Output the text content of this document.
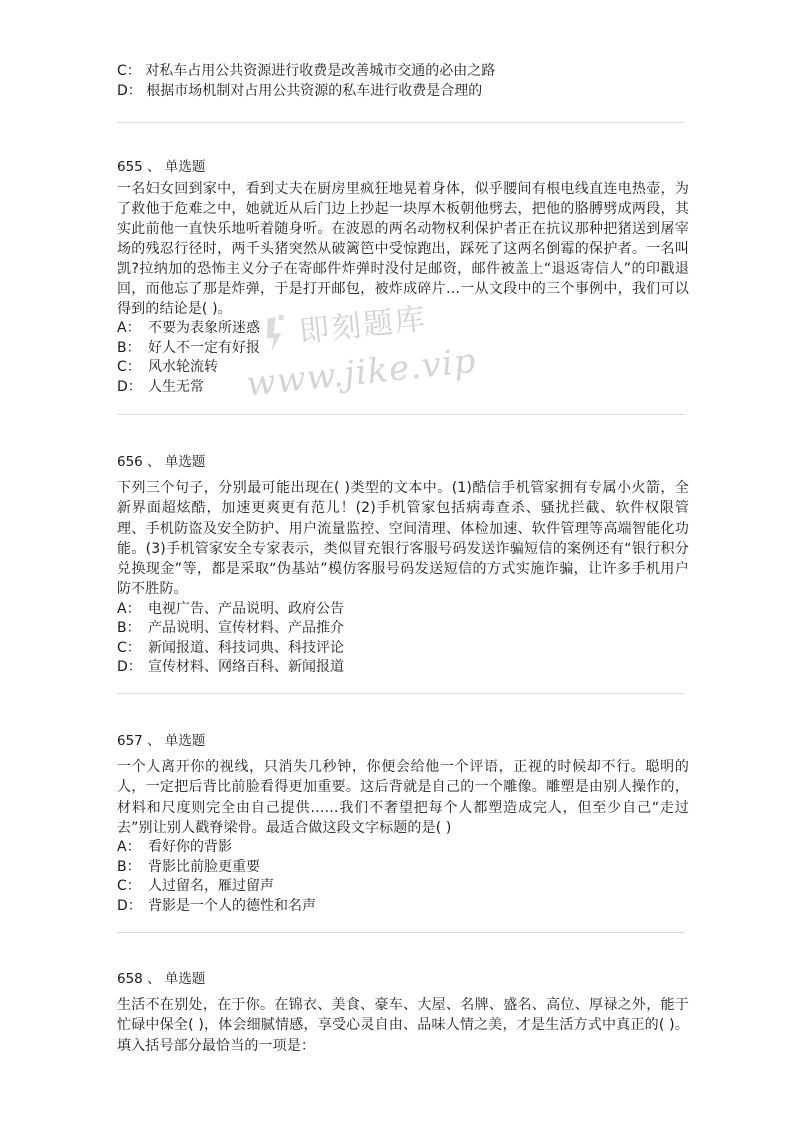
C： 对私车占用公共资源进行收费是改善城市交通的必由之路
D： 根据市场机制对占用公共资源的私车进行收费是合理的
655 、 单选题
一名妇女回到家中，看到丈夫在厨房里疯狂地晃着身体，似乎腰间有根电线直连电热壶，为了救他于危难之中，她就近从后门边上抄起一块厚木板朝他劈去，把他的胳膊劈成两段，其实此前他一直快乐地听着随身听。在波恩的两名动物权利保护者正在抗议那种把猪送到屠宰场的残忍行径时，两千头猪突然从破篱笆中受惊跑出，踩死了这两名倒霉的保护者。一名叫凯?拉纳加的恐怖主义分子在寄邮件炸弹时没付足邮资，邮件被盖上“退返寄信人”的印戳退回，而他忘了那是炸弹，于是打开邮包，被炸成碎片…一从文段中的三个事例中，我们可以得到的结论是( )。
A： 不要为表象所迷惑
B： 好人不一定有好报
C： 风水轮流转
D： 人生无常
656 、 单选题
下列三个句子，分别最可能出现在( )类型的文本中。(1)酷信手机管家拥有专属小火箭，全新界面超炫酷，加速更爽更有范儿！(2)手机管家包括病毒查杀、骚扰拦截、软件权限管理、手机防盗及安全防护、用户流量监控、空间清理、体检加速、软件管理等高端智能化功能。(3)手机管家安全专家表示，类似冒充银行客服号码发送诈骗短信的案例还有“银行积分兑换现金”等，都是采取“伪基站”模仿客服号码发送短信的方式实施诈骗，让许多手机用户防不胜防。
A： 电视广告、产品说明、政府公告
B： 产品说明、宣传材料、产品推介
C： 新闻报道、科技词典、科技评论
D： 宣传材料、网络百科、新闻报道
657 、 单选题
一个人离开你的视线，只消失几秒钟，你便会给他一个评语，正视的时候却不行。聪明的人，一定把后背比前脸看得更加重要。这后背就是自己的一个雕像。雕塑是由别人操作的，材料和尺度则完全由自己提供……我们不奢望把每个人都塑造成完人，但至少自己“走过去”别让别人戳脊梁骨。最适合做这段文字标题的是( )
A： 看好你的背影
B： 背影比前脸更重要
C： 人过留名，雁过留声
D： 背影是一个人的德性和名声
658 、 单选题
生活不在别处，在于你。在锦衣、美食、豪车、大屋、名牌、盛名、高位、厚禄之外，能于忙碌中保全( )，体会细腻情感，享受心灵自由、品味人情之美，才是生活方式中真正的( )。填入括号部分最恰当的一项是：
即刻题库
www.jike.vip
